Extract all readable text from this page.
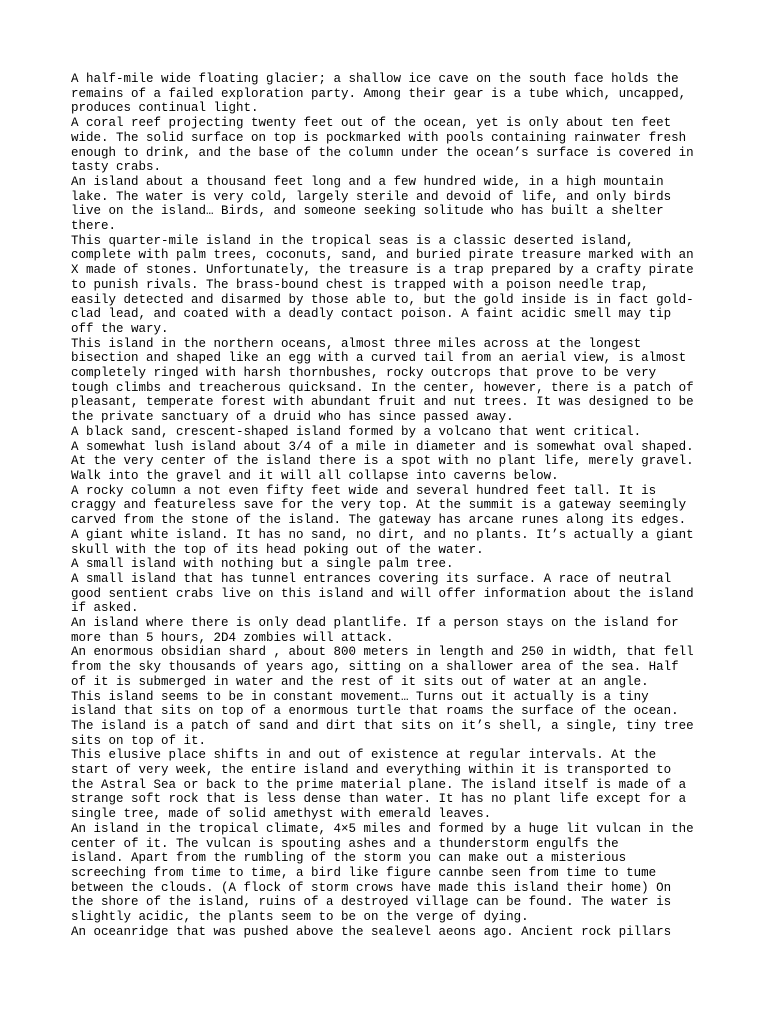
A half-mile wide floating glacier; a shallow ice cave on the south face holds the
remains of a failed exploration party. Among their gear is a tube which, uncapped,
produces continual light.

A coral reef projecting twenty feet out of the ocean, yet is only about ten feet
wide. The solid surface on top is pockmarked with pools containing rainwater fresh
enough to drink, and the base of the column under the ocean’s surface is covered in
tasty crabs.

An island about a thousand feet long and a few hundred wide, in a high mountain
lake. The water is very cold, largely sterile and devoid of life, and only birds
live on the island… Birds, and someone seeking solitude who has built a shelter
there.

This quarter-mile island in the tropical seas is a classic deserted island,
complete with palm trees, coconuts, sand, and buried pirate treasure marked with an
X made of stones. Unfortunately, the treasure is a trap prepared by a crafty pirate
to punish rivals. The brass-bound chest is trapped with a poison needle trap,
easily detected and disarmed by those able to, but the gold inside is in fact gold-
clad lead, and coated with a deadly contact poison. A faint acidic smell may tip
off the wary.

This island in the northern oceans, almost three miles across at the longest
bisection and shaped like an egg with a curved tail from an aerial view, is almost
completely ringed with harsh thornbushes, rocky outcrops that prove to be very
tough climbs and treacherous quicksand. In the center, however, there is a patch of
pleasant, temperate forest with abundant fruit and nut trees. It was designed to be
the private sanctuary of a druid who has since passed away.

A black sand, crescent-shaped island formed by a volcano that went critical.

A somewhat lush island about 3/4 of a mile in diameter and is somewhat oval shaped.
At the very center of the island there is a spot with no plant life, merely gravel.
Walk into the gravel and it will all collapse into caverns below.

A rocky column a not even fifty feet wide and several hundred feet tall. It is
craggy and featureless save for the very top. At the summit is a gateway seemingly
carved from the stone of the island. The gateway has arcane runes along its edges.

A giant white island. It has no sand, no dirt, and no plants. It’s actually a giant
skull with the top of its head poking out of the water.

A small island with nothing but a single palm tree.

A small island that has tunnel entrances covering its surface. A race of neutral
good sentient crabs live on this island and will offer information about the island
if asked.

An island where there is only dead plantlife. If a person stays on the island for
more than 5 hours, 2D4 zombies will attack.

An enormous obsidian shard , about 800 meters in length and 250 in width, that fell
from the sky thousands of years ago, sitting on a shallower area of the sea. Half
of it is submerged in water and the rest of it sits out of water at an angle.

This island seems to be in constant movement… Turns out it actually is a tiny
island that sits on top of a enormous turtle that roams the surface of the ocean.
The island is a patch of sand and dirt that sits on it’s shell, a single, tiny tree
sits on top of it.

This elusive place shifts in and out of existence at regular intervals. At the
start of very week, the entire island and everything within it is transported to
the Astral Sea or back to the prime material plane. The island itself is made of a
strange soft rock that is less dense than water. It has no plant life except for a
single tree, made of solid amethyst with emerald leaves.

An island in the tropical climate, 4×5 miles and formed by a huge lit vulcan in the
center of it. The vulcan is spouting ashes and a thunderstorm engulfs the
island. Apart from the rumbling of the storm you can make out a misterious
screeching from time to time, a bird like figure cannbe seen from time to tume
between the clouds. (A flock of storm crows have made this island their home) On
the shore of the island, ruins of a destroyed village can be found. The water is
slightly acidic, the plants seem to be on the verge of dying.

An oceanridge that was pushed above the sealevel aeons ago. Ancient rock pillars
